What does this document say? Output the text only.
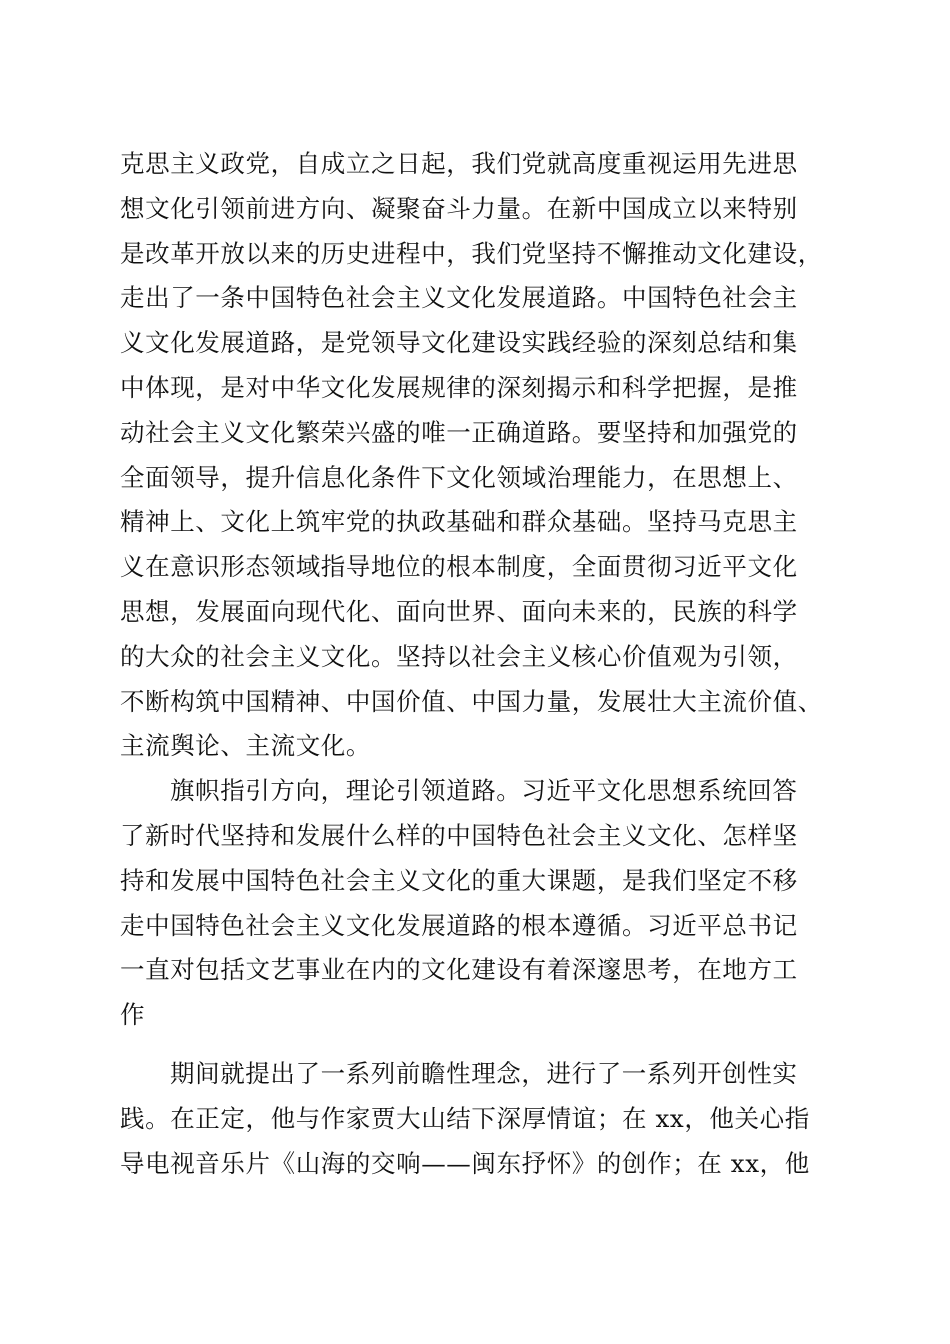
克思主义政党，自成立之日起，我们党就高度重视运用先进思
想文化引领前进方向、凝聚奋斗力量。在新中国成立以来特别
是改革开放以来的历史进程中，我们党坚持不懈推动文化建设，
走出了一条中国特色社会主义文化发展道路。中国特色社会主
义文化发展道路，是党领导文化建设实践经验的深刻总结和集
中体现，是对中华文化发展规律的深刻揭示和科学把握，是推
动社会主义文化繁荣兴盛的唯一正确道路。要坚持和加强党的
全面领导，提升信息化条件下文化领域治理能力，在思想上、
精神上、文化上筑牢党的执政基础和群众基础。坚持马克思主
义在意识形态领域指导地位的根本制度，全面贯彻习近平文化
思想，发展面向现代化、面向世界、面向未来的，民族的科学
的大众的社会主义文化。坚持以社会主义核心价值观为引领，
不断构筑中国精神、中国价值、中国力量，发展壮大主流价值、
主流舆论、主流文化。
旗帜指引方向，理论引领道路。习近平文化思想系统回答
了新时代坚持和发展什么样的中国特色社会主义文化、怎样坚
持和发展中国特色社会主义文化的重大课题，是我们坚定不移
走中国特色社会主义文化发展道路的根本遵循。习近平总书记
一直对包括文艺事业在内的文化建设有着深邃思考，在地方工
作
期间就提出了一系列前瞻性理念，进行了一系列开创性实
践。在正定，他与作家贾大山结下深厚情谊；在 xx，他关心指
导电视音乐片《山海的交响——闽东抒怀》的创作；在 xx，他
